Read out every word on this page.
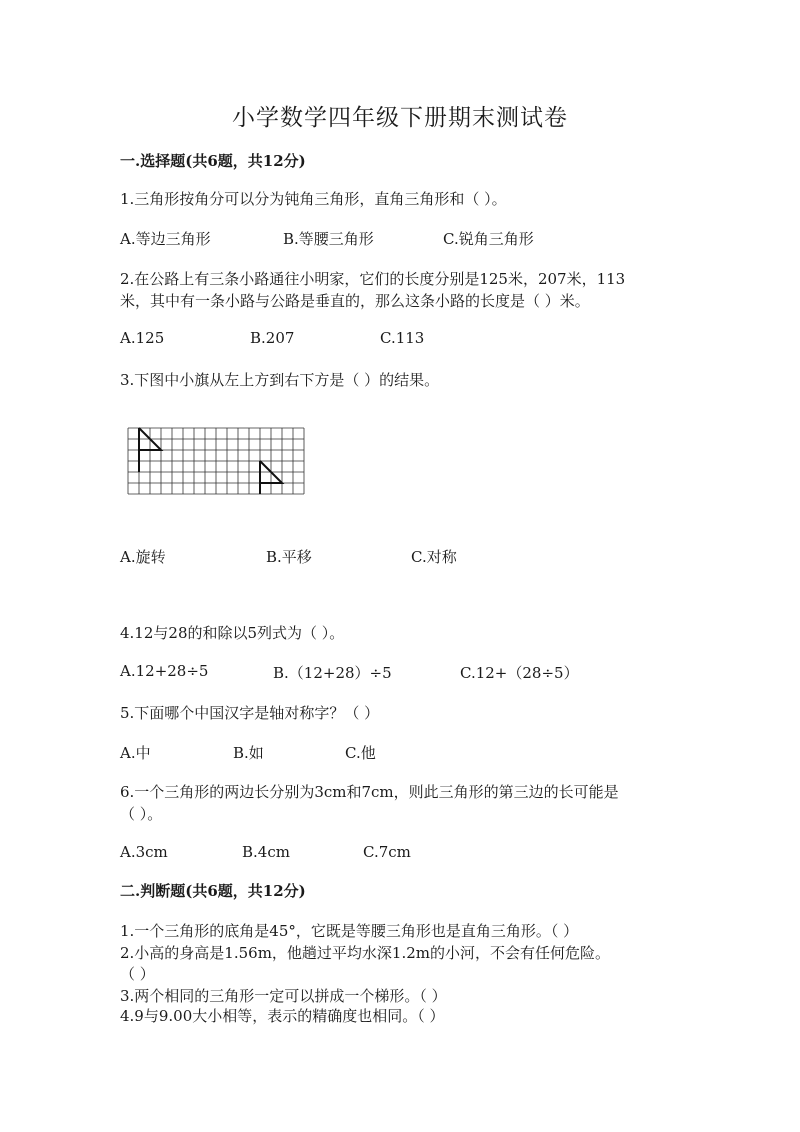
小学数学四年级下册期末测试卷
一.选择题(共6题，共12分)
1.三角形按角分可以分为钝角三角形，直角三角形和（ ）。
A.等边三角形	B.等腰三角形	C.锐角三角形
2.在公路上有三条小路通往小明家，它们的长度分别是125米，207米，113
米，其中有一条小路与公路是垂直的，那么这条小路的长度是（ ）米。
A.125	B.207	C.113
3.下图中小旗从左上方到右下方是（ ）的结果。
A.旋转	B.平移	C.对称
4.12与28的和除以5列式为（ ）。
A.12+28÷5	B.（12+28）÷5	C.12+（28÷5）
5.下面哪个中国汉字是轴对称字？（ ）
A.中	B.如	C.他
6.一个三角形的两边长分别为3cm和7cm，则此三角形的第三边的长可能是
（ ）。
A.3cm	B.4cm	C.7cm
二.判断题(共6题，共12分)
1.一个三角形的底角是45°，它既是等腰三角形也是直角三角形。（ ）
2.小高的身高是1.56m，他趟过平均水深1.2m的小河，不会有任何危险。
（ ）
3.两个相同的三角形一定可以拼成一个梯形。（ ）
4.9与9.00大小相等，表示的精确度也相同。（ ）
